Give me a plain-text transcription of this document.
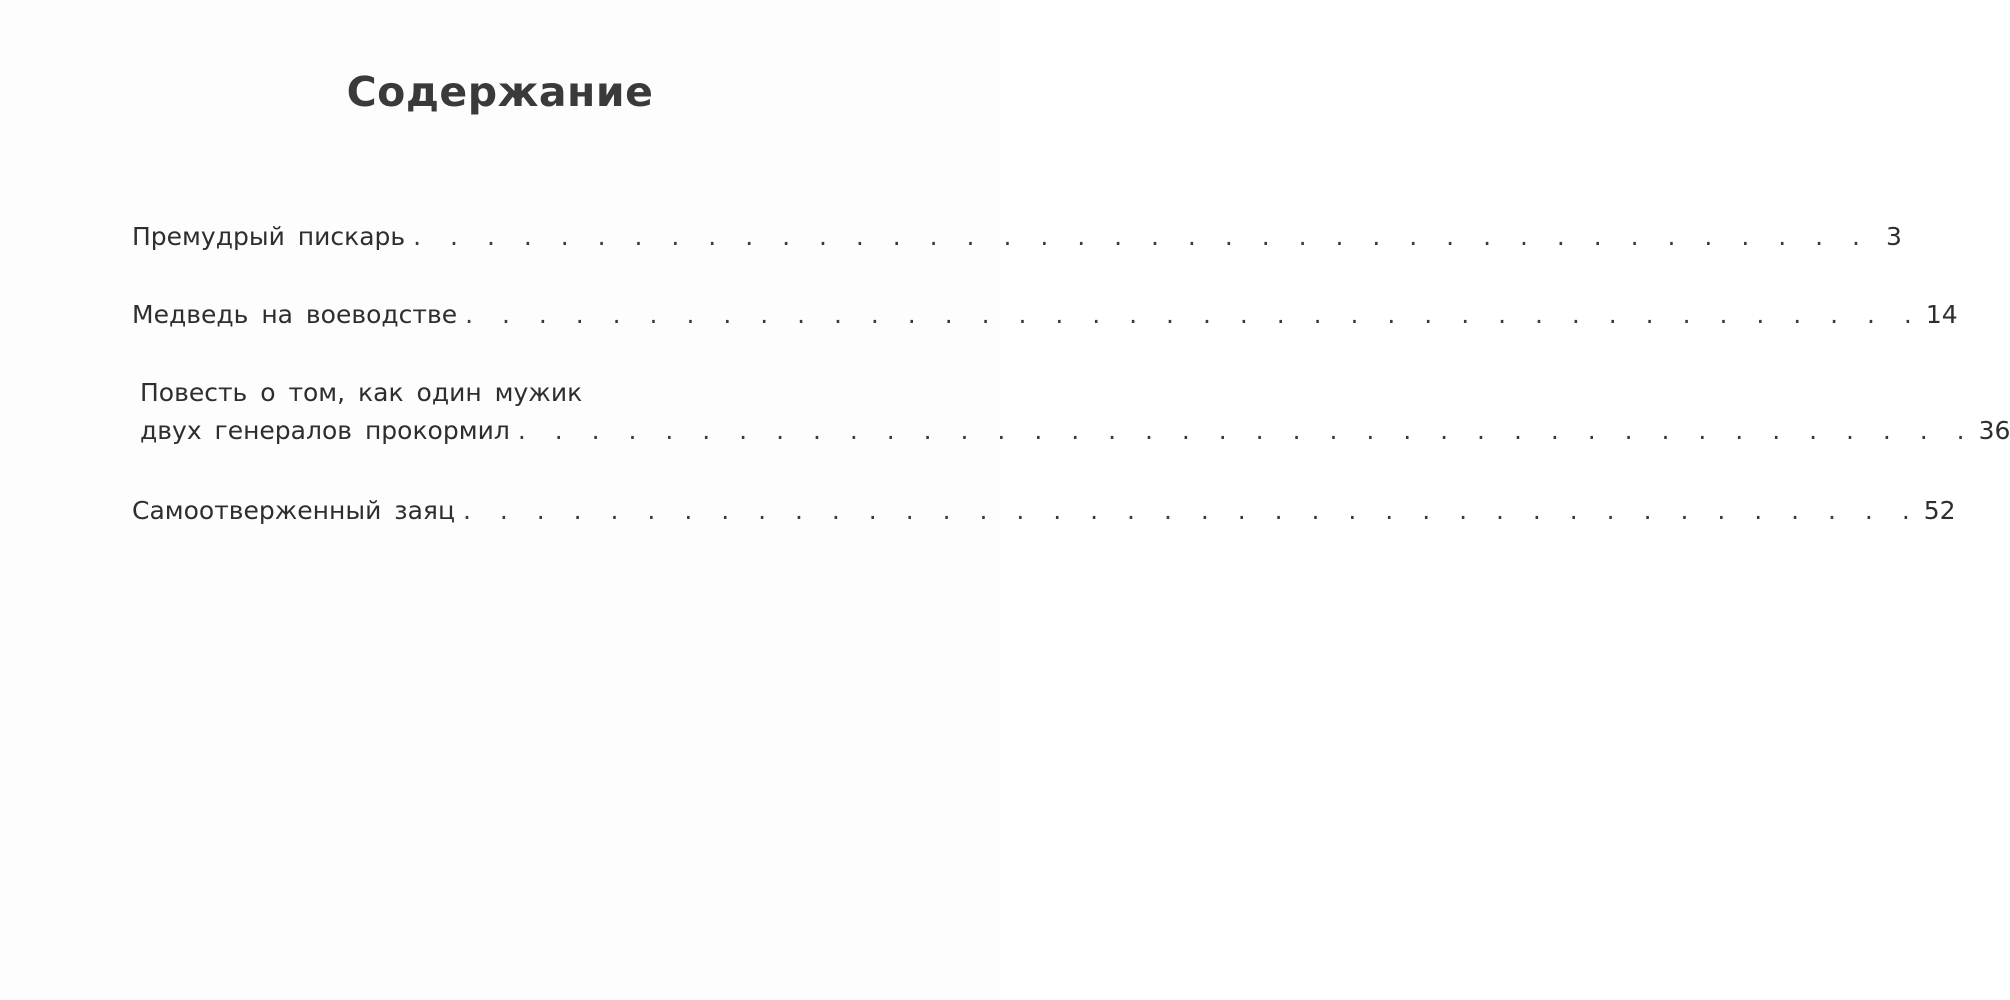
Содержание
Премудрый пискарь . . . . . . . . . . . . . . . . . . . . . . . . . . . . . . . . . . . . . . . . 3
Медведь на воеводстве . . . . . . . . . . . . . . . . . . . . . . . . . . . . . . . . . . . . . . . . 14
Повесть о том, как один мужик
двух генералов прокормил . . . . . . . . . . . . . . . . . . . . . . . . . . . . . . . . . . . . . . . . 36
Самоотверженный заяц . . . . . . . . . . . . . . . . . . . . . . . . . . . . . . . . . . . . . . . . 52
